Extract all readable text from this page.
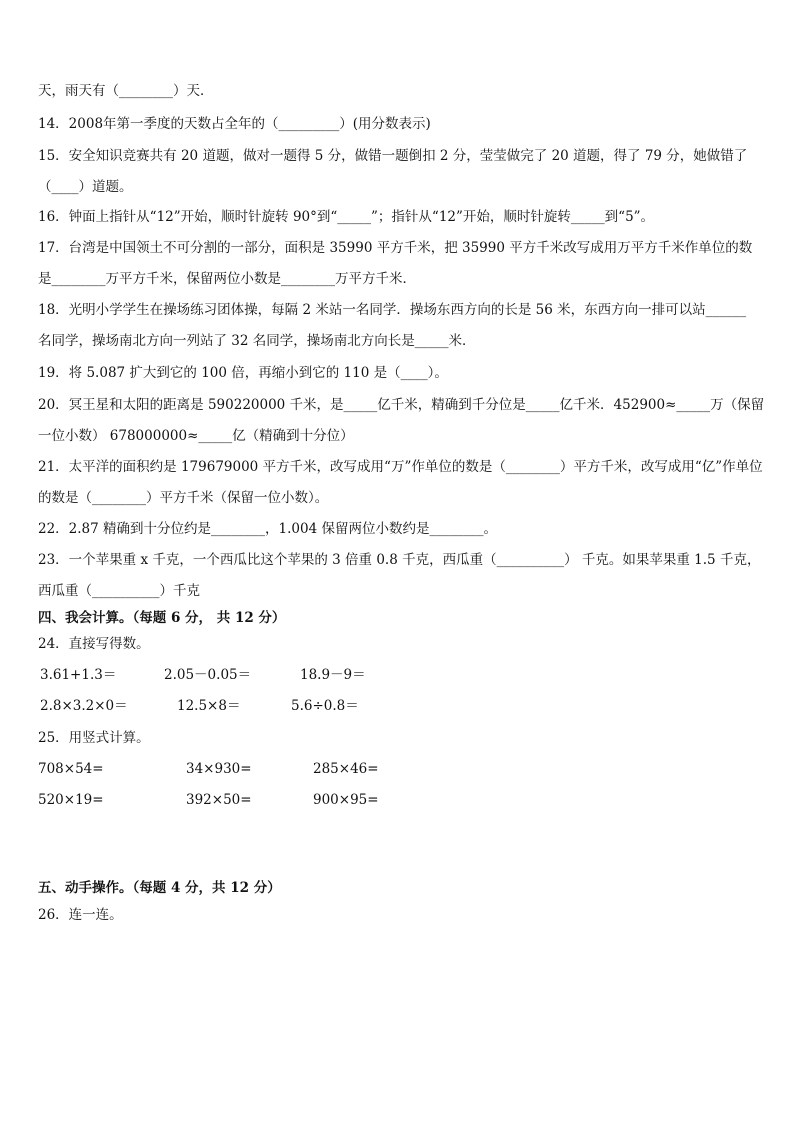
天，雨天有（________）天．
14．2008年第一季度的天数占全年的（_________）(用分数表示)
15．安全知识竞赛共有 20 道题，做对一题得 5 分，做错一题倒扣 2 分，莹莹做完了 20 道题，得了 79 分，她做错了
（____）道题。
16．钟面上指针从“12”开始，顺时针旋转 90°到“_____”；指针从“12”开始，顺时针旋转_____到“5”。
17．台湾是中国领土不可分割的一部分，面积是 35990 平方千米，把 35990 平方千米改写成用万平方千米作单位的数
是________万平方千米，保留两位小数是________万平方千米．
18．光明小学学生在操场练习团体操，每隔 2 米站一名同学．操场东西方向的长是 56 米，东西方向一排可以站______
名同学，操场南北方向一列站了 32 名同学，操场南北方向长是_____米．
19．将 5.087 扩大到它的 100 倍，再缩小到它的 110 是（____）。
20．冥王星和太阳的距离是 5902200​00 千米，是_____亿千米，精确到千分位是_____亿千米．452900≈_____万（保留
一位小数） 678000000≈_____亿（精确到十分位）
21．太平洋的面积约是 179679000 平方千米，改写成用“万”作单位的数是（________）平方千米，改写成用“亿”作单位
的数是（________）平方千米（保留一位小数）。
22．2.87 精确到十分位约是________，1.004 保留两位小数约是________。
23．一个苹果重 x 千克，一个西瓜比这个苹果的 3 倍重 0.8 千克，西瓜重（__________） 千克。如果苹果重 1.5 千克，
西瓜重（__________）千克
四、我会计算。（每题 6 分， 共 12 分）
24．直接写得数。
3.61+1.3＝	2.05－0.05＝	18.9－9＝
2.8×3.2×0＝	12.5×8＝	5.6÷0.8＝
25．用竖式计算。
708×54=	34×930=	285×46=
520×19=	392×50=	900×95=
五、动手操作。（每题 4 分，共 12 分）
26．连一连。
